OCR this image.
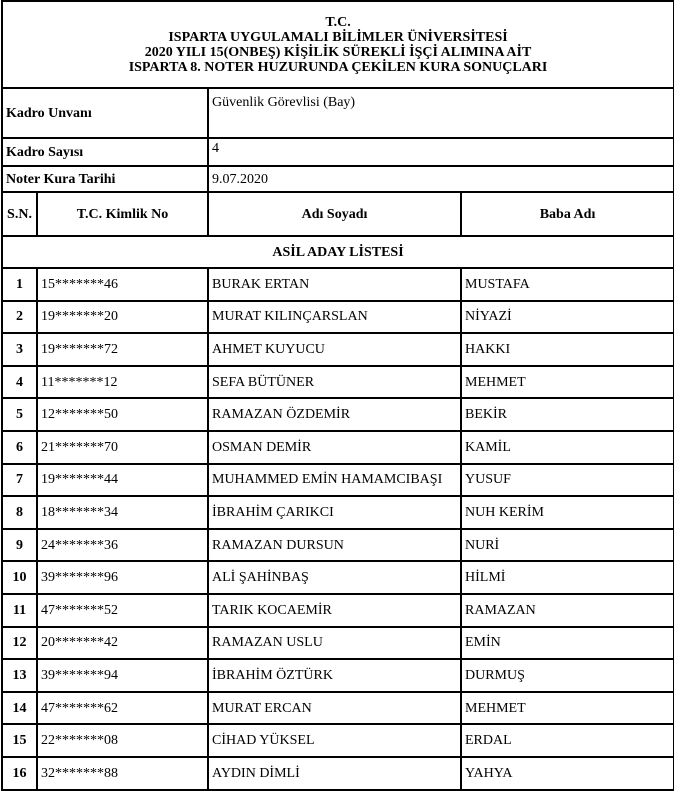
T.C.
ISPARTA UYGULAMALI BİLİMLER ÜNİVERSİTESİ
2020 YILI 15(ONBEŞ) KİŞİLİK SÜREKLİ İŞÇİ ALIMINA AİT
ISPARTA 8. NOTER HUZURUNDA ÇEKİLEN KURA SONUÇLARI			

Kadro Unvanı		Güvenlik Görevlisi (Bay)	
Kadro Sayısı		4	
Noter Kura Tarihi		9.07.2020	
S.N.	T.C. Kimlik No	Adı Soyadı	Baba Adı
ASİL ADAY LİSTESİ			
1	15*******46	BURAK ERTAN	MUSTAFA
2	19*******20	MURAT KILINÇARSLAN	NİYAZİ
3	19*******72	AHMET KUYUCU	HAKKI
4	11*******12	SEFA BÜTÜNER	MEHMET
5	12*******50	RAMAZAN ÖZDEMİR	BEKİR
6	21*******70	OSMAN DEMİR	KAMİL
7	19*******44	MUHAMMED EMİN HAMAMCIBAŞI	YUSUF
8	18*******34	İBRAHİM ÇARIKCI	NUH KERİM
9	24*******36	RAMAZAN DURSUN	NURİ
10	39*******96	ALİ ŞAHİNBAŞ	HİLMİ
11	47*******52	TARIK KOCAEMİR	RAMAZAN
12	20*******42	RAMAZAN USLU	EMİN
13	39*******94	İBRAHİM ÖZTÜRK	DURMUŞ
14	47*******62	MURAT ERCAN	MEHMET
15	22*******08	CİHAD YÜKSEL	ERDAL
16	32*******88	AYDIN DİMLİ	YAHYA
